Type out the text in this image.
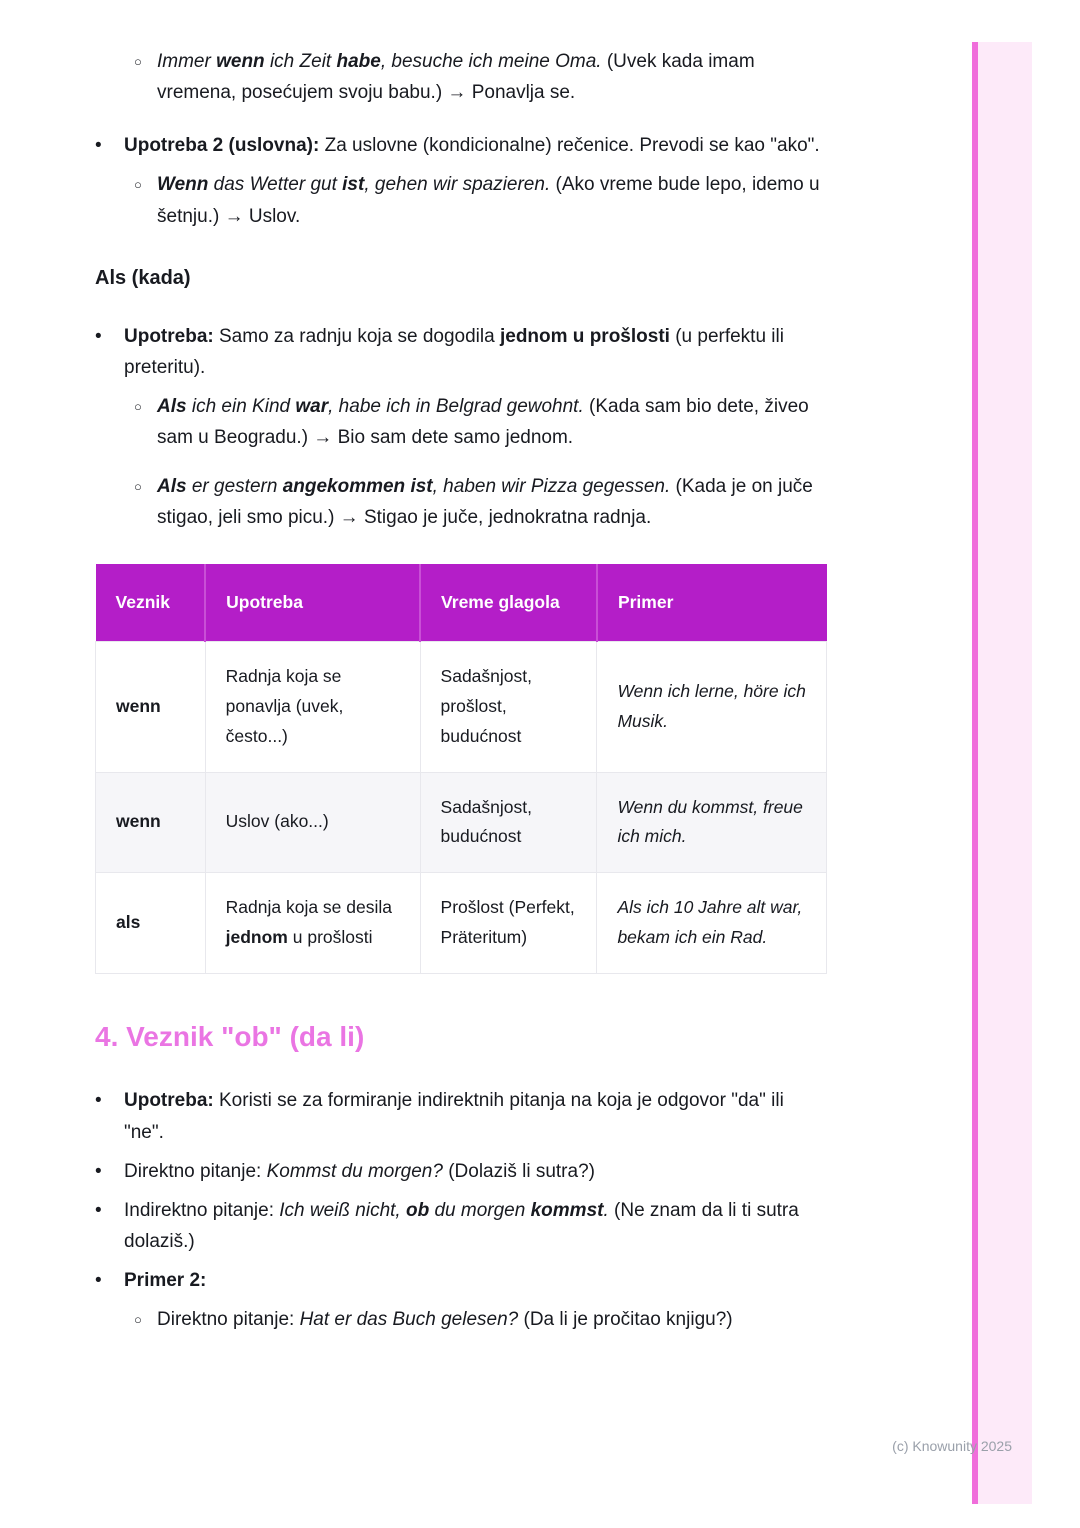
○ Immer wenn ich Zeit habe, besuche ich meine Oma. (Uvek kada imam vremena, posećujem svoju babu.) → Ponavlja se.
•	Upotreba 2 (uslovna): Za uslovne (kondicionalne) rečenice. Prevodi se kao "ako".
○ Wenn das Wetter gut ist, gehen wir spazieren. (Ako vreme bude lepo, idemo u šetnju.) → Uslov.
Als (kada)
•	Upotreba: Samo za radnju koja se dogodila jednom u prošlosti (u perfektu ili preteritu).
○ Als ich ein Kind war, habe ich in Belgrad gewohnt. (Kada sam bio dete, živeo sam u Beogradu.) → Bio sam dete samo jednom.
○ Als er gestern angekommen ist, haben wir Pizza gegessen. (Kada je on juče stigao, jeli smo picu.) → Stigao je juče, jednokratna radnja.
Veznik	Upotreba	Vreme glagola	Primer
wenn	Radnja koja se ponavlja (uvek, često...)	Sadašnjost, prošlost, budućnost	Wenn ich lerne, höre ich Musik.
wenn	Uslov (ako...)	Sadašnjost, budućnost	Wenn du kommst, freue ich mich.
als	Radnja koja se desila jednom u prošlosti	Prošlost (Perfekt, Präteritum)	Als ich 10 Jahre alt war, bekam ich ein Rad.
4. Veznik "ob" (da li)
•	Upotreba: Koristi se za formiranje indirektnih pitanja na koja je odgovor "da" ili "ne".
•	Direktno pitanje: Kommst du morgen? (Dolaziš li sutra?)
•	Indirektno pitanje: Ich weiß nicht, ob du morgen kommst. (Ne znam da li ti sutra dolaziš.)
•	Primer 2:
○ Direktno pitanje: Hat er das Buch gelesen? (Da li je pročitao knjigu?)
(c) Knowunity 2025
